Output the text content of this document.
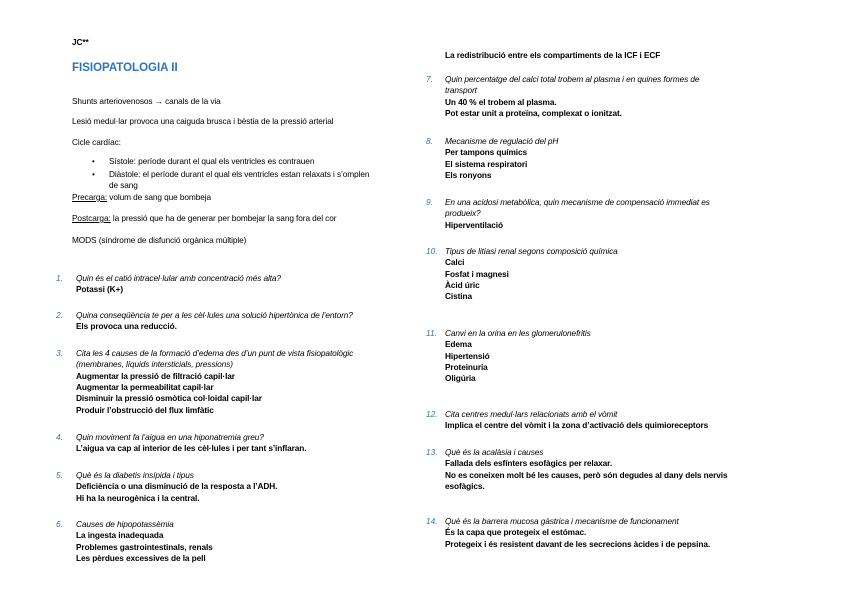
JC**
FISIOPATOLOGIA II
Shunts arteriovenosos → canals de la via
Lesió medul·lar provoca una caiguda brusca i bèstia de la pressió arterial
Cicle cardíac:
• Sístole: període durant el qual els ventricles es contrauen
• Diàstole: el període durant el qual els ventricles estan relaxats i s’omplen
de sang
Precarga: volum de sang que bombeja
Postcarga: la pressió que ha de generar per bombejar la sang fora del cor
MODS (síndrome de disfunció orgànica múltiple)
1. Quin és el catió intracel·lular amb concentració més alta?
Potassi (K+)
2. Quina conseqüència te per a les cèl·lules una solució hipertònica de l’entorn?
Els provoca una reducció.
3. Cita les 4 causes de la formació d’edema des d’un punt de vista fisiopatològic
(membranes, líquids intersticials, pressions)
Augmentar la pressió de filtració capil·lar
Augmentar la permeabilitat capil·lar
Disminuir la pressió osmòtica col·loidal capil·lar
Produir l’obstrucció del flux limfàtic
4. Quin moviment fa l’aigua en una hiponatremia greu?
L’aigua va cap al interior de les cèl·lules i per tant s’inflaran.
5. Què és la diabetis insípida i tipus
Deficiència o una disminució de la resposta a l’ADH.
Hi ha la neurogènica i la central.
6. Causes de hipopotassèmia
La ingesta inadequada
Problemes gastrointestinals, renals
Les pèrdues excessives de la pell
La redistribució entre els compartiments de la ICF i ECF
7. Quin percentatge del calci total trobem al plasma i en quines formes de
transport
Un 40 % el trobem al plasma.
Pot estar unit a proteïna, complexat o ionitzat.
8. Mecanisme de regulació del pH
Per tampons químics
El sistema respiratori
Els ronyons
9. En una acidosi metabòlica, quin mecanisme de compensació immediat es
produeix?
Hiperventilació
10. Tipus de litiasi renal segons composició química
Calci
Fosfat i magnesi
Àcid úric
Cistina
11. Canvi en la orina en les glomerulonefritis
Edema
Hipertensió
Proteinuria
Oligúria
12. Cita centres medul·lars relacionats amb el vòmit
Implica el centre del vòmit i la zona d’activació dels quimioreceptors
13. Què és la acalàsia i causes
Fallada dels esfínters esofàgics per relaxar.
No es coneixen molt bé les causes, però són degudes al dany dels nervis
esofàgics.
14. Què és la barrera mucosa gàstrica i mecanisme de funcionament
És la capa que protegeix el estómac.
Protegeix i és resistent davant de les secrecions àcides i de pepsina.
